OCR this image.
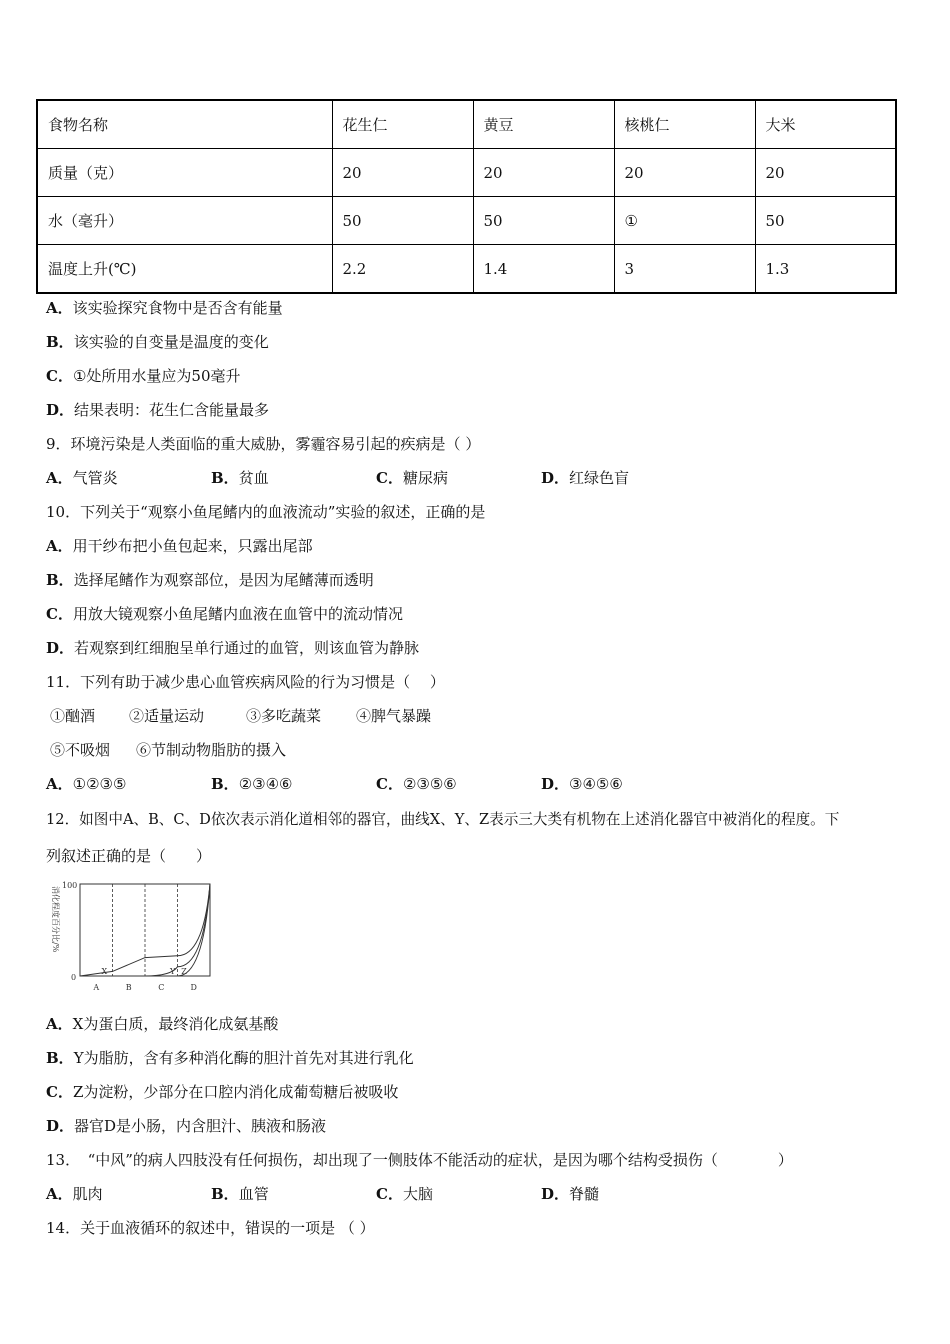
食物名称	花生仁	黄豆	核桃仁	大米
质量（克）	20	20	20	20
水（毫升）	50	50	①	50
温度上升(℃)	2.2	1.4	3	1.3
A．该实验探究食物中是否含有能量
B．该实验的自变量是温度的变化
C．①处所用水量应为50毫升
D．结果表明：花生仁含能量最多
9．环境污染是人类面临的重大威胁，雾霾容易引起的疾病是（ ）
A．气管炎	B．贫血	C．糖尿病	D．红绿色盲
10．下列关于“观察小鱼尾鳍内的血液流动”实验的叙述，正确的是
A．用干纱布把小鱼包起来，只露出尾部
B．选择尾鳍作为观察部位，是因为尾鳍薄而透明
C．用放大镜观察小鱼尾鳍内血液在血管中的流动情况
D．若观察到红细胞呈单行通过的血管，则该血管为静脉
11．下列有助于减少患心血管疾病风险的行为习惯是（　 ）
①酗酒 ②适量运动	③多吃蔬菜 ④脾气暴躁
⑤不吸烟 ⑥节制动物脂肪的摄入
A．①②③⑤	B．②③④⑥	C．②③⑤⑥	D．③④⑤⑥
12．如图中A、B、C、D依次表示消化道相邻的器官，曲线X、Y、Z表示三大类有机物在上述消化器官中被消化的程度。下
列叙述正确的是（　　）
消化程度百分比/%
100
0
X	Y Z
A	B	C	D
A．X为蛋白质，最终消化成氨基酸
B．Y为脂肪，含有多种消化酶的胆汁首先对其进行乳化
C．Z为淀粉，少部分在口腔内消化成葡萄糖后被吸收
D．器官D是小肠，内含胆汁、胰液和肠液
13．　“中风”的病人四肢没有任何损伤，却出现了一侧肢体不能活动的症状，是因为哪个结构受损伤（　　　　）
A．肌肉	B．血管	C．大脑	D．脊髓
14．关于血液循环的叙述中，错误的一项是 （ ）
